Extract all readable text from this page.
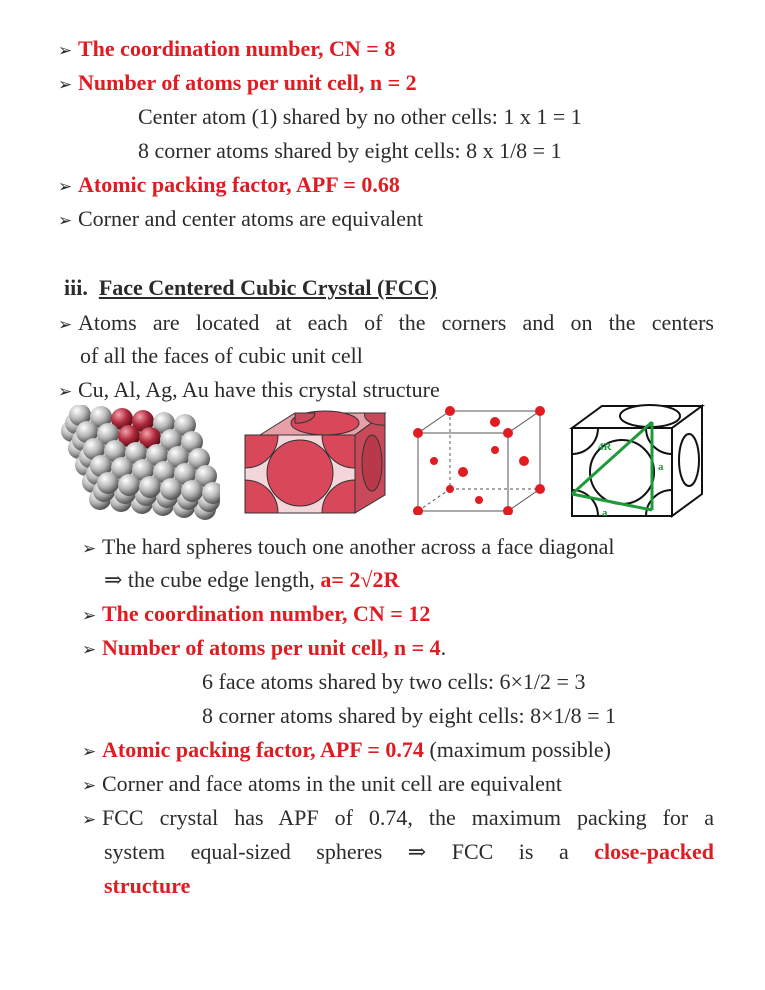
➢ The coordination number, CN = 8
➢ Number of atoms per unit cell, n = 2
Center atom (1) shared by no other cells: 1 x 1 = 1
8 corner atoms shared by eight cells: 8 x 1/8 = 1
➢ Atomic packing factor, APF = 0.68
➢ Corner and center atoms are equivalent
iii. Face Centered Cubic Crystal (FCC)
➢ Atoms are located at each of the corners and on the centers
of all the faces of cubic unit cell
➢ Cu, Al, Ag, Au have this crystal structure
4R
a
a
➢ The hard spheres touch one another across a face diagonal
⇒ the cube edge length, a= 2√2R
➢ The coordination number, CN = 12
➢ Number of atoms per unit cell, n = 4.
6 face atoms shared by two cells: 6×1/2 = 3
8 corner atoms shared by eight cells: 8×1/8 = 1
➢ Atomic packing factor, APF = 0.74 (maximum possible)
➢ Corner and face atoms in the unit cell are equivalent
➢ FCC crystal has APF of 0.74, the maximum packing for a
system equal-sized spheres ⇒ FCC is a close-packed
structure
